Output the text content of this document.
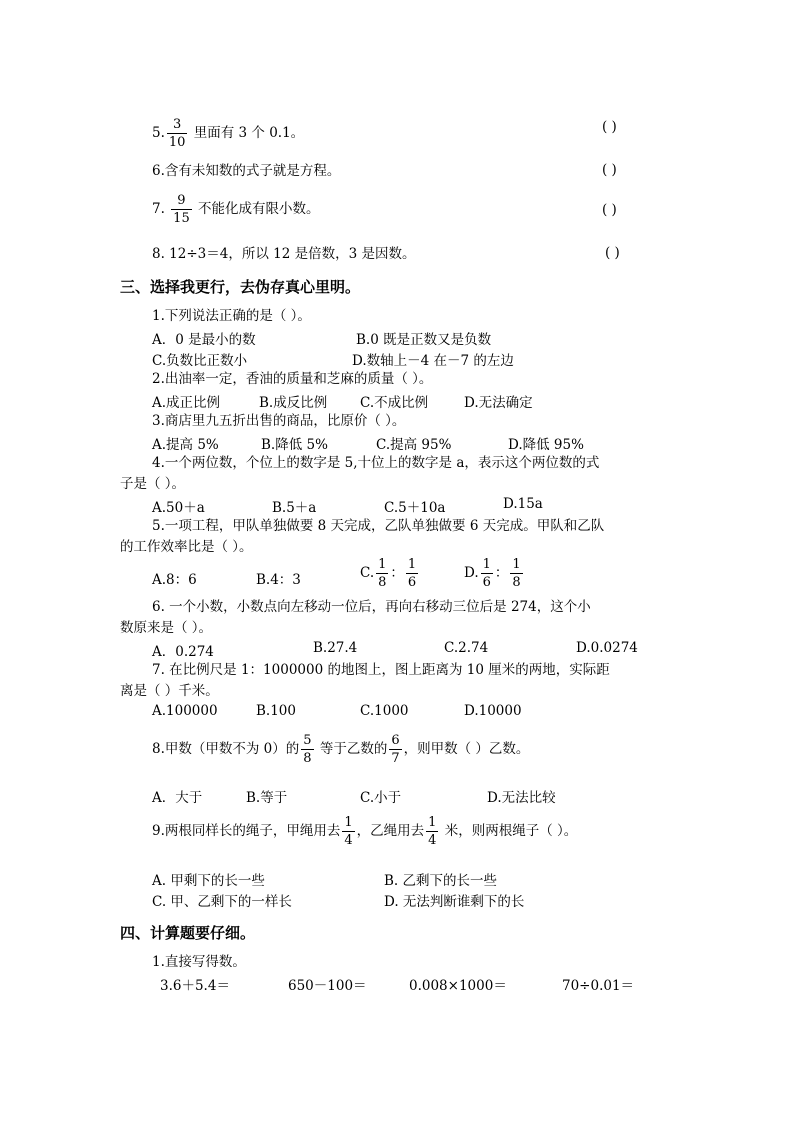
5. $\frac{3}{10}$ 里面有 3 个 0.1。	( )
6.含有未知数的式子就是方程。	( )
7. $\frac{9}{15}$ 不能化成有限小数。	( )
8. 12÷3＝4，所以 12 是倍数，3 是因数。	( )
三、选择我更行，去伪存真心里明。
1.下列说法正确的是（ ）。
A．0 是最小的数	B.0 既是正数又是负数
C.负数比正数小	D.数轴上－4 在－7 的左边
2.出油率一定，香油的质量和芝麻的质量（ ）。
A.成正比例	B.成反比例 C.不成比例	D.无法确定
3.商店里九五折出售的商品，比原价（ ）。
A.提高 5%	B.降低 5%	C.提高 95%	D.降低 95%
4.一个两位数，个位上的数字是 5,十位上的数字是 a，表示这个两位数的式
子是（ ）。
A.50＋a	B.5＋a	C.5＋10a	D.15a
5.一项工程，甲队单独做要 8 天完成，乙队单独做要 6 天完成。甲队和乙队
的工作效率比是（ ）。
A.8：6	B.4：3	C. $\frac{1}{8}$ ： $\frac{1}{6}$	D. $\frac{1}{6}$ ： $\frac{1}{8}$
6. 一个小数，小数点向左移动一位后，再向右移动三位后是 274，这个小
数原来是（ ）。
A．0.274	B.27.4	C.2.74	D.0.0274
7. 在比例尺是 1：1000000 的地图上，图上距离为 10 厘米的两地，实际距
离是（ ）千米。
A.100000	B.100	C.1000	D.10000
8.甲数（甲数不为 0）的 $\frac{5}{8}$ 等于乙数的 $\frac{6}{7}$ ，则甲数（ ）乙数。
A．大于	B.等于	C.小于	D.无法比较
9.两根同样长的绳子，甲绳用去 $\frac{1}{4}$ ，乙绳用去 $\frac{1}{4}$ 米，则两根绳子（ ）。
A. 甲剩下的长一些	B. 乙剩下的长一些
C. 甲、乙剩下的一样长	D. 无法判断谁剩下的长
四、计算题要仔细。
1.直接写得数。
3.6＋5.4＝	650－100＝	0.008×1000＝	70÷0.01＝
